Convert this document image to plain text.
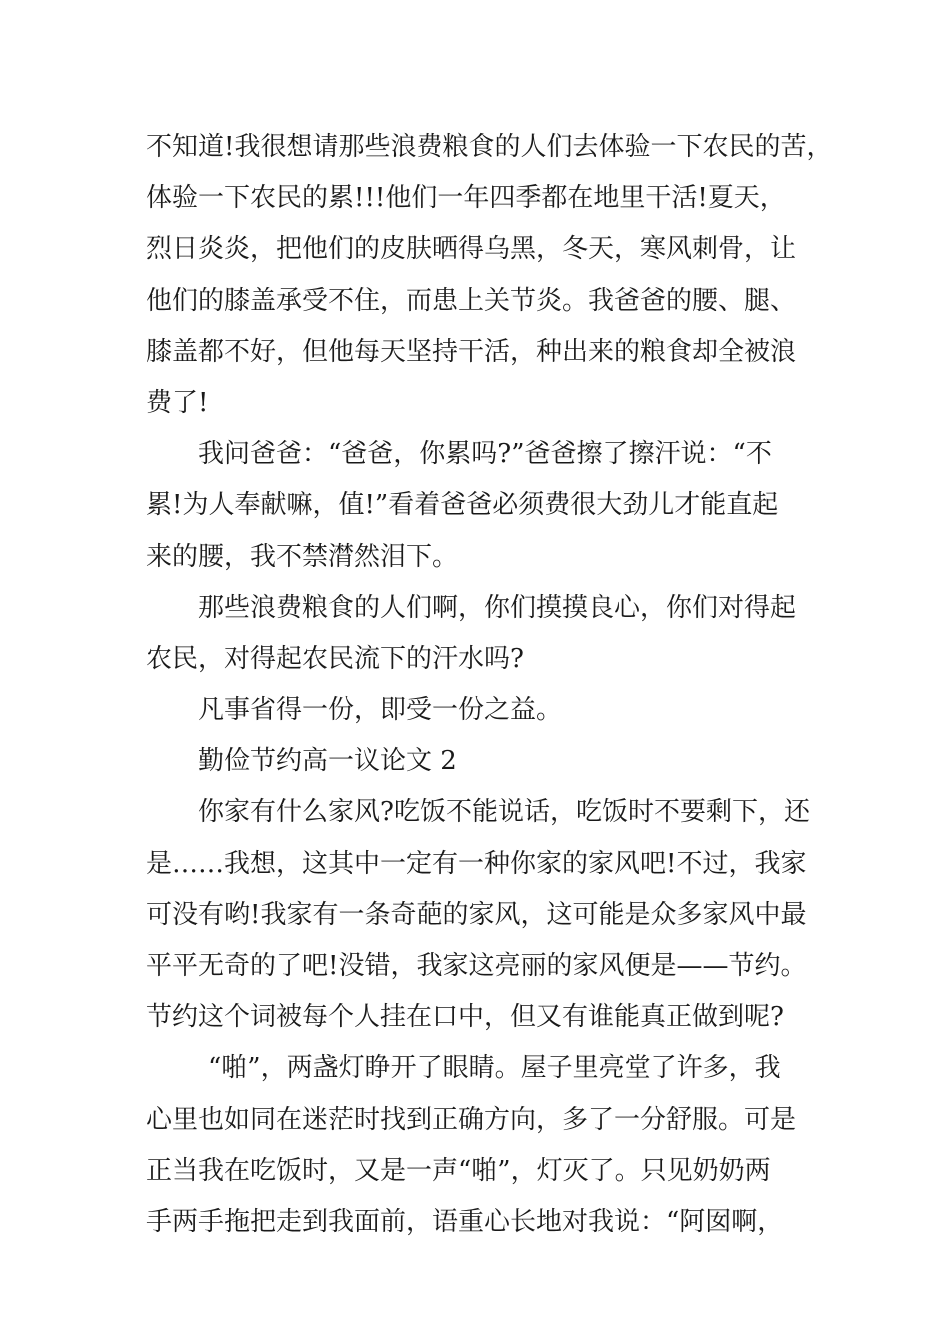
不知道!我很想请那些浪费粮食的人们去体验一下农民的苦，
体验一下农民的累!!!他们一年四季都在地里干活!夏天，
烈日炎炎，把他们的皮肤晒得乌黑，冬天，寒风刺骨，让
他们的膝盖承受不住，而患上关节炎。我爸爸的腰、腿、
膝盖都不好，但他每天坚持干活，种出来的粮食却全被浪
费了!
我问爸爸：“爸爸，你累吗?”爸爸擦了擦汗说：“不
累!为人奉献嘛，值!”看着爸爸必须费很大劲儿才能直起
来的腰，我不禁潸然泪下。
那些浪费粮食的人们啊，你们摸摸良心，你们对得起
农民，对得起农民流下的汗水吗?
凡事省得一份，即受一份之益。
勤俭节约高一议论文 2
你家有什么家风?吃饭不能说话，吃饭时不要剩下，还
是……我想，这其中一定有一种你家的家风吧!不过，我家
可没有哟!我家有一条奇葩的家风，这可能是众多家风中最
平平无奇的了吧!没错，我家这亮丽的家风便是——节约。
节约这个词被每个人挂在口中，但又有谁能真正做到呢?
“啪”，两盏灯睁开了眼睛。屋子里亮堂了许多，我
心里也如同在迷茫时找到正确方向，多了一分舒服。可是
正当我在吃饭时，又是一声“啪”，灯灭了。只见奶奶两
手两手拖把走到我面前，语重心长地对我说：“阿囡啊，
